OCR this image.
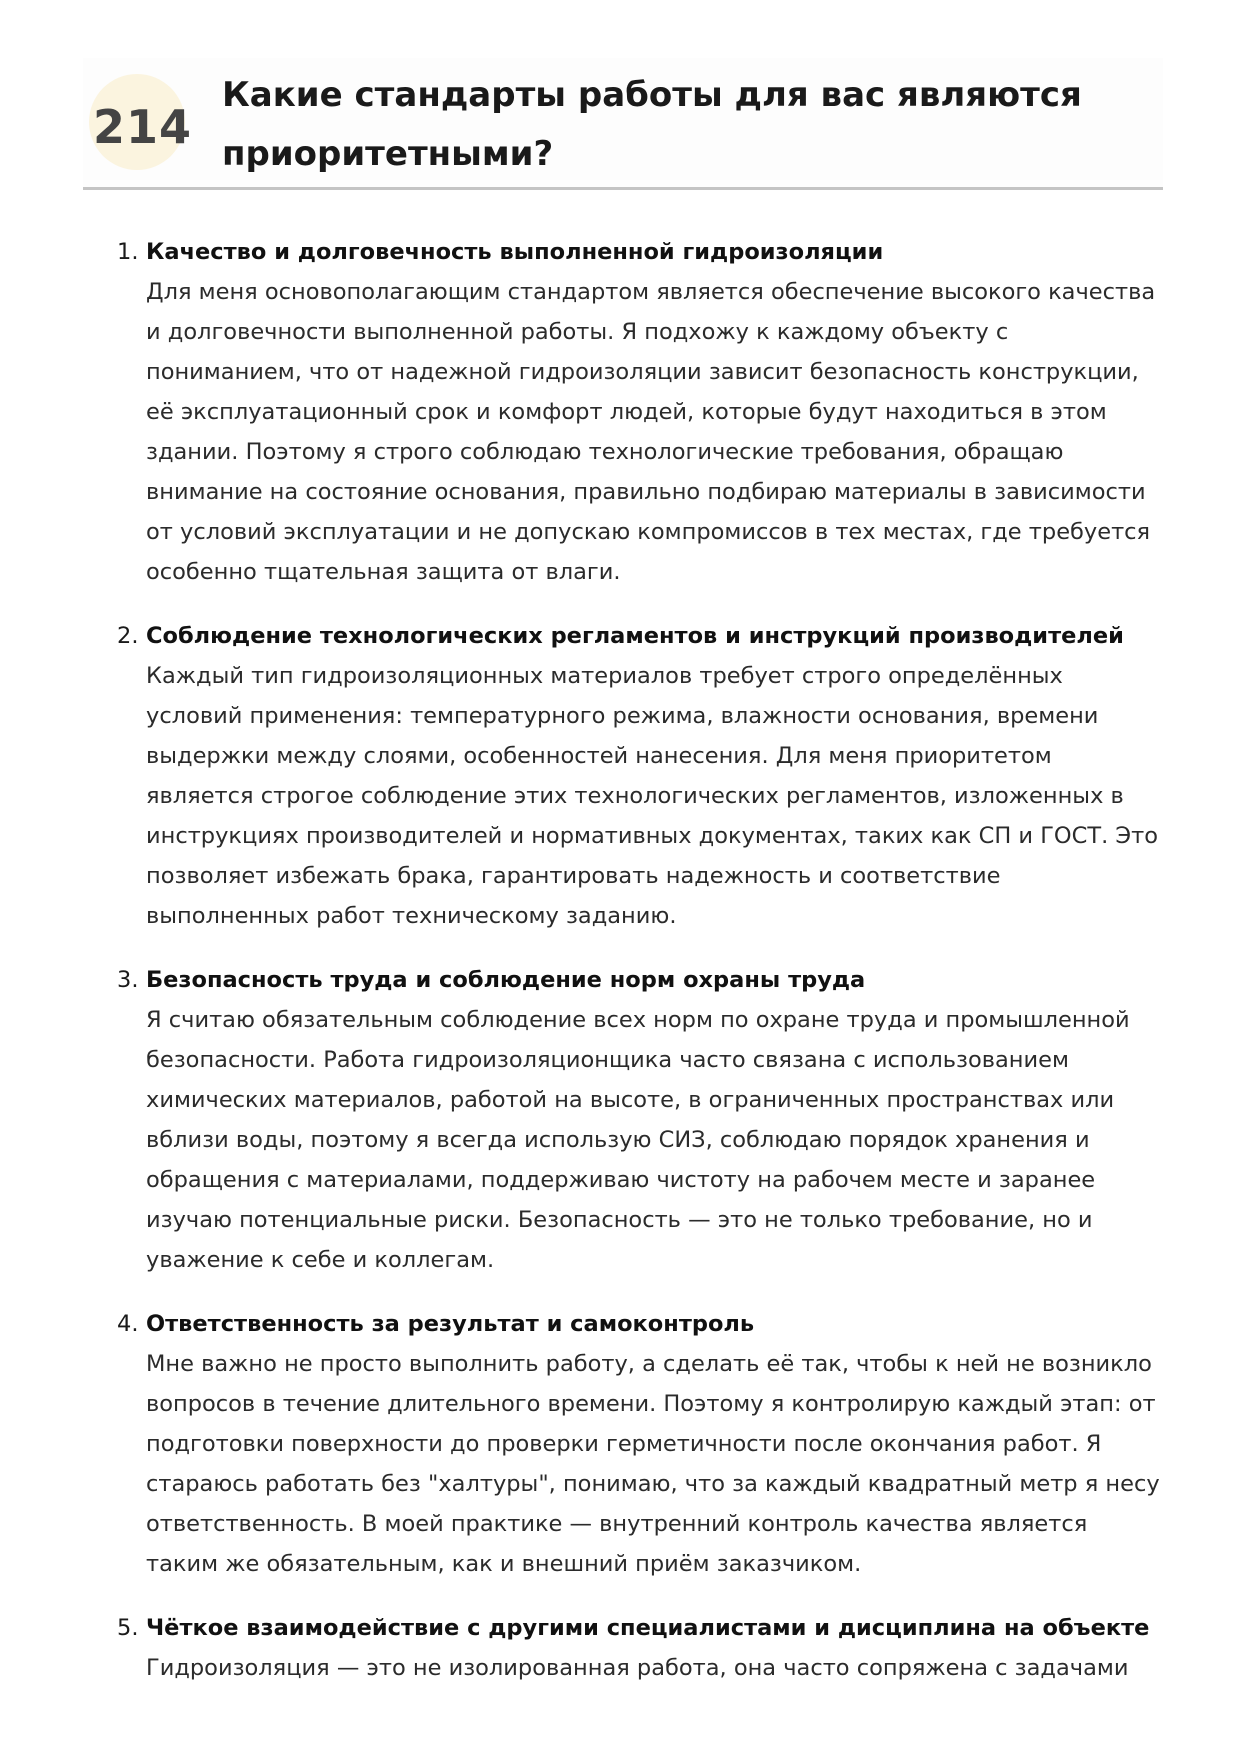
214
Какие стандарты работы для вас являются приоритетными?
1. Качество и долговечность выполненной гидроизоляции
Для меня основополагающим стандартом является обеспечение высокого качества и долговечности выполненной работы. Я подхожу к каждому объекту с пониманием, что от надежной гидроизоляции зависит безопасность конструкции, её эксплуатационный срок и комфорт людей, которые будут находиться в этом здании. Поэтому я строго соблюдаю технологические требования, обращаю внимание на состояние основания, правильно подбираю материалы в зависимости от условий эксплуатации и не допускаю компромиссов в тех местах, где требуется особенно тщательная защита от влаги.
2. Соблюдение технологических регламентов и инструкций производителей
Каждый тип гидроизоляционных материалов требует строго определённых условий применения: температурного режима, влажности основания, времени выдержки между слоями, особенностей нанесения. Для меня приоритетом является строгое соблюдение этих технологических регламентов, изложенных в инструкциях производителей и нормативных документах, таких как СП и ГОСТ. Это позволяет избежать брака, гарантировать надежность и соответствие выполненных работ техническому заданию.
3. Безопасность труда и соблюдение норм охраны труда
Я считаю обязательным соблюдение всех норм по охране труда и промышленной безопасности. Работа гидроизоляционщика часто связана с использованием химических материалов, работой на высоте, в ограниченных пространствах или вблизи воды, поэтому я всегда использую СИЗ, соблюдаю порядок хранения и обращения с материалами, поддерживаю чистоту на рабочем месте и заранее изучаю потенциальные риски. Безопасность — это не только требование, но и уважение к себе и коллегам.
4. Ответственность за результат и самоконтроль
Мне важно не просто выполнить работу, а сделать её так, чтобы к ней не возникло вопросов в течение длительного времени. Поэтому я контролирую каждый этап: от подготовки поверхности до проверки герметичности после окончания работ. Я стараюсь работать без "халтуры", понимаю, что за каждый квадратный метр я несу ответственность. В моей практике — внутренний контроль качества является таким же обязательным, как и внешний приём заказчиком.
5. Чёткое взаимодействие с другими специалистами и дисциплина на объекте
Гидроизоляция — это не изолированная работа, она часто сопряжена с задачами
